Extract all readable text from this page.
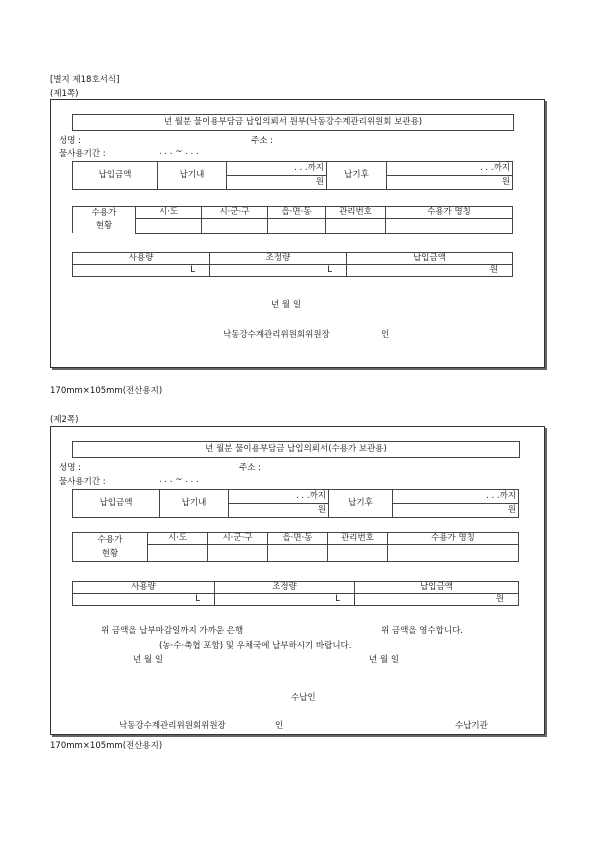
[별지 제18호서식]
(제1쪽)
년 월분 물이용부담금 납입의뢰서 원부(낙동강수계관리위원회 보관용)
성명 :	주소 :
물사용기간 :	. . . ~ . . .
납입금액	납기내	. . .까지	납기후	. . .까지
		원		원
수용가
현황	시·도	시·군·구	읍·면·동	관리번호	수용가 명칭

사용량	조정량	납입금액
L	L	원
년 월 일
낙동강수계관리위원회위원장	인
170mm×105mm(전산용지)
(제2쪽)
년 월분 물이용부담금 납입의뢰서(수용가 보관용)
성명 :	주소 :
물사용기간 :	. . . ~ . . .
납입금액	납기내	. . .까지	납기후	. . .까지
		원		원
수용가
현황	시·도	시·군·구	읍·면·동	관리번호	수용가 명칭

사용량	조정량	납입금액
L	L	원
위 금액을 납부마감일까지 가까운 은행	위 금액을 영수합니다.
(농·수·축협 포함) 및 우체국에 납부하시기 바랍니다.
년 월 일	년 월 일
수납인
낙동강수계관리위원회위원장	인	수납기관
170mm×105mm(전산용지)
